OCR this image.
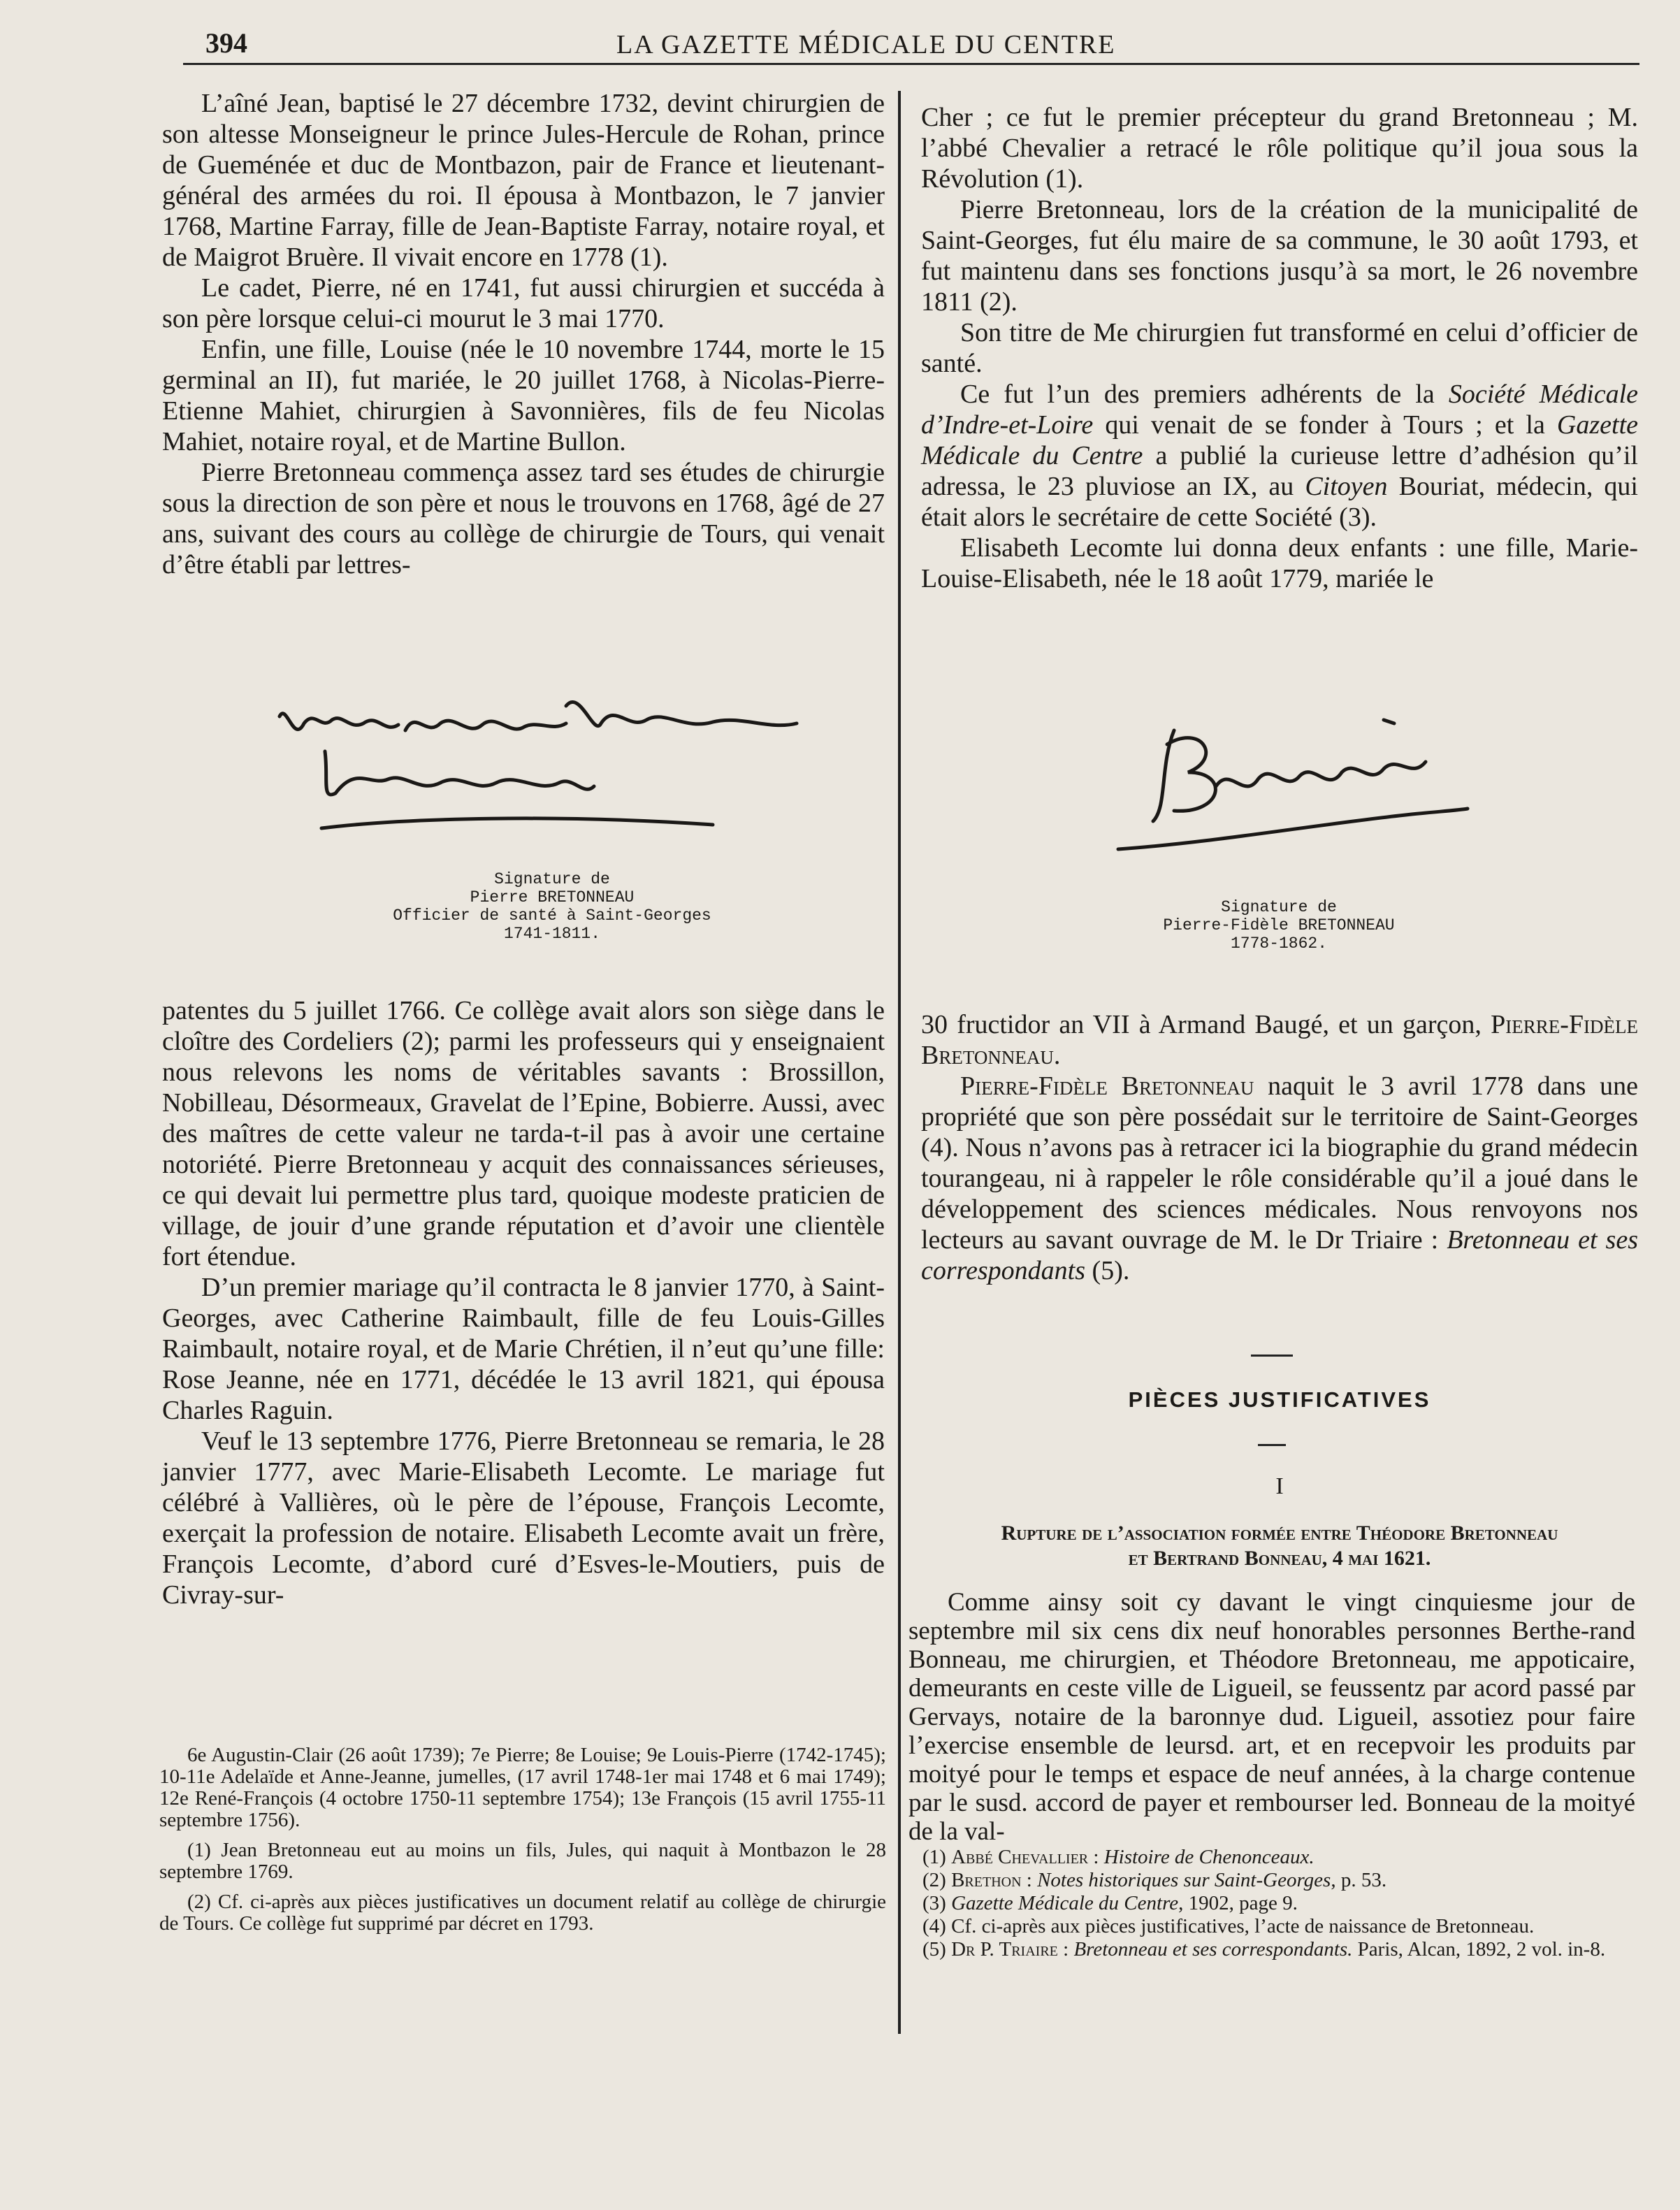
394	LA GAZETTE MÉDICALE DU CENTRE

L’aîné Jean, baptisé le 27 décembre 1732, devint chirurgien de son altesse Monseigneur le prince Jules-Hercule de Rohan, prince de Gueménée et duc de Montbazon, pair de France et lieutenant-général des armées du roi. Il épousa à Montbazon, le 7 janvier 1768, Martine Farray, fille de Jean-Baptiste Farray, notaire royal, et de Maigrot Bruère. Il vivait encore en 1778 (1).

Le cadet, Pierre, né en 1741, fut aussi chirurgien et succéda à son père lorsque celui-ci mourut le 3 mai 1770.

Enfin, une fille, Louise (née le 10 novembre 1744, morte le 15 germinal an II), fut mariée, le 20 juillet 1768, à Nicolas-Pierre-Etienne Mahiet, chirurgien à Savonnières, fils de feu Nicolas Mahiet, notaire royal, et de Martine Bullon.

Pierre Bretonneau commença assez tard ses études de chirurgie sous la direction de son père et nous le trouvons en 1768, âgé de 27 ans, suivant des cours au collège de chirurgie de Tours, qui venait d’être établi par lettres-

Signature de
Pierre BRETONNEAU
Officier de santé à Saint-Georges
1741-1811.

patentes du 5 juillet 1766. Ce collège avait alors son siège dans le cloître des Cordeliers (2); parmi les professeurs qui y enseignaient nous relevons les noms de véritables savants : Brossillon, Nobilleau, Désormeaux, Gravelat de l’Epine, Bobierre. Aussi, avec des maîtres de cette valeur ne tarda-t-il pas à avoir une certaine notoriété. Pierre Bretonneau y acquit des connaissances sérieuses, ce qui devait lui permettre plus tard, quoique modeste praticien de village, de jouir d’une grande réputation et d’avoir une clientèle fort étendue.

D’un premier mariage qu’il contracta le 8 janvier 1770, à Saint-Georges, avec Catherine Raimbault, fille de feu Louis-Gilles Raimbault, notaire royal, et de Marie Chrétien, il n’eut qu’une fille: Rose Jeanne, née en 1771, décédée le 13 avril 1821, qui épousa Charles Raguin.

Veuf le 13 septembre 1776, Pierre Bretonneau se remaria, le 28 janvier 1777, avec Marie-Elisabeth Lecomte. Le mariage fut célébré à Vallières, où le père de l’épouse, François Lecomte, exerçait la profession de notaire. Elisabeth Lecomte avait un frère, François Lecomte, d’abord curé d’Esves-le-Moutiers, puis de Civray-sur-

6e Augustin-Clair (26 août 1739); 7e Pierre; 8e Louise; 9e Louis-Pierre (1742-1745); 10-11e Adelaïde et Anne-Jeanne, jumelles, (17 avril 1748-1er mai 1748 et 6 mai 1749); 12e René-François (4 octobre 1750-11 septembre 1754); 13e François (15 avril 1755-11 septembre 1756).

(1) Jean Bretonneau eut au moins un fils, Jules, qui naquit à Montbazon le 28 septembre 1769.

(2) Cf. ci-après aux pièces justificatives un document relatif au collège de chirurgie de Tours. Ce collège fut supprimé par décret en 1793.

Cher ; ce fut le premier précepteur du grand Bretonneau ; M. l’abbé Chevalier a retracé le rôle politique qu’il joua sous la Révolution (1).

Pierre Bretonneau, lors de la création de la municipalité de Saint-Georges, fut élu maire de sa commune, le 30 août 1793, et fut maintenu dans ses fonctions jusqu’à sa mort, le 26 novembre 1811 (2).

Son titre de Me chirurgien fut transformé en celui d’officier de santé.

Ce fut l’un des premiers adhérents de la Société Médicale d’Indre-et-Loire qui venait de se fonder à Tours ; et la Gazette Médicale du Centre a publié la curieuse lettre d’adhésion qu’il adressa, le 23 pluviose an IX, au Citoyen Bouriat, médecin, qui était alors le secrétaire de cette Société (3).

Elisabeth Lecomte lui donna deux enfants : une fille, Marie-Louise-Elisabeth, née le 18 août 1779, mariée le

Signature de
Pierre-Fidèle BRETONNEAU
1778-1862.

30 fructidor an VII à Armand Baugé, et un garçon, Pierre-Fidèle Bretonneau.

Pierre-Fidèle Bretonneau naquit le 3 avril 1778 dans une propriété que son père possédait sur le territoire de Saint-Georges (4). Nous n’avons pas à retracer ici la biographie du grand médecin tourangeau, ni à rappeler le rôle considérable qu’il a joué dans le développement des sciences médicales. Nous renvoyons nos lecteurs au savant ouvrage de M. le Dr Triaire : Bretonneau et ses correspondants (5).

PIÈCES JUSTIFICATIVES
I
Rupture de l’association formée entre Théodore Bretonneau
et Bertrand Bonneau, 4 mai 1621.

Comme ainsy soit cy davant le vingt cinquiesme jour de septembre mil six cens dix neuf honorables personnes Berthe-rand Bonneau, me chirurgien, et Théodore Bretonneau, me appoticaire, demeurants en ceste ville de Ligueil, se feussentz par acord passé par Gervays, notaire de la baronnye dud. Ligueil, assotiez pour faire l’exercise ensemble de leursd. art, et en recepvoir les produits par moityé pour le temps et espace de neuf années, à la charge contenue par le susd. accord de payer et rembourser led. Bonneau de la moityé de la val-

(1) Abbé Chevallier : Histoire de Chenonceaux.

(2) Brethon : Notes historiques sur Saint-Georges, p. 53.

(3) Gazette Médicale du Centre, 1902, page 9.

(4) Cf. ci-après aux pièces justificatives, l’acte de naissance de Bretonneau.

(5) Dr P. Triaire : Bretonneau et ses correspondants. Paris, Alcan, 1892, 2 vol. in-8.
